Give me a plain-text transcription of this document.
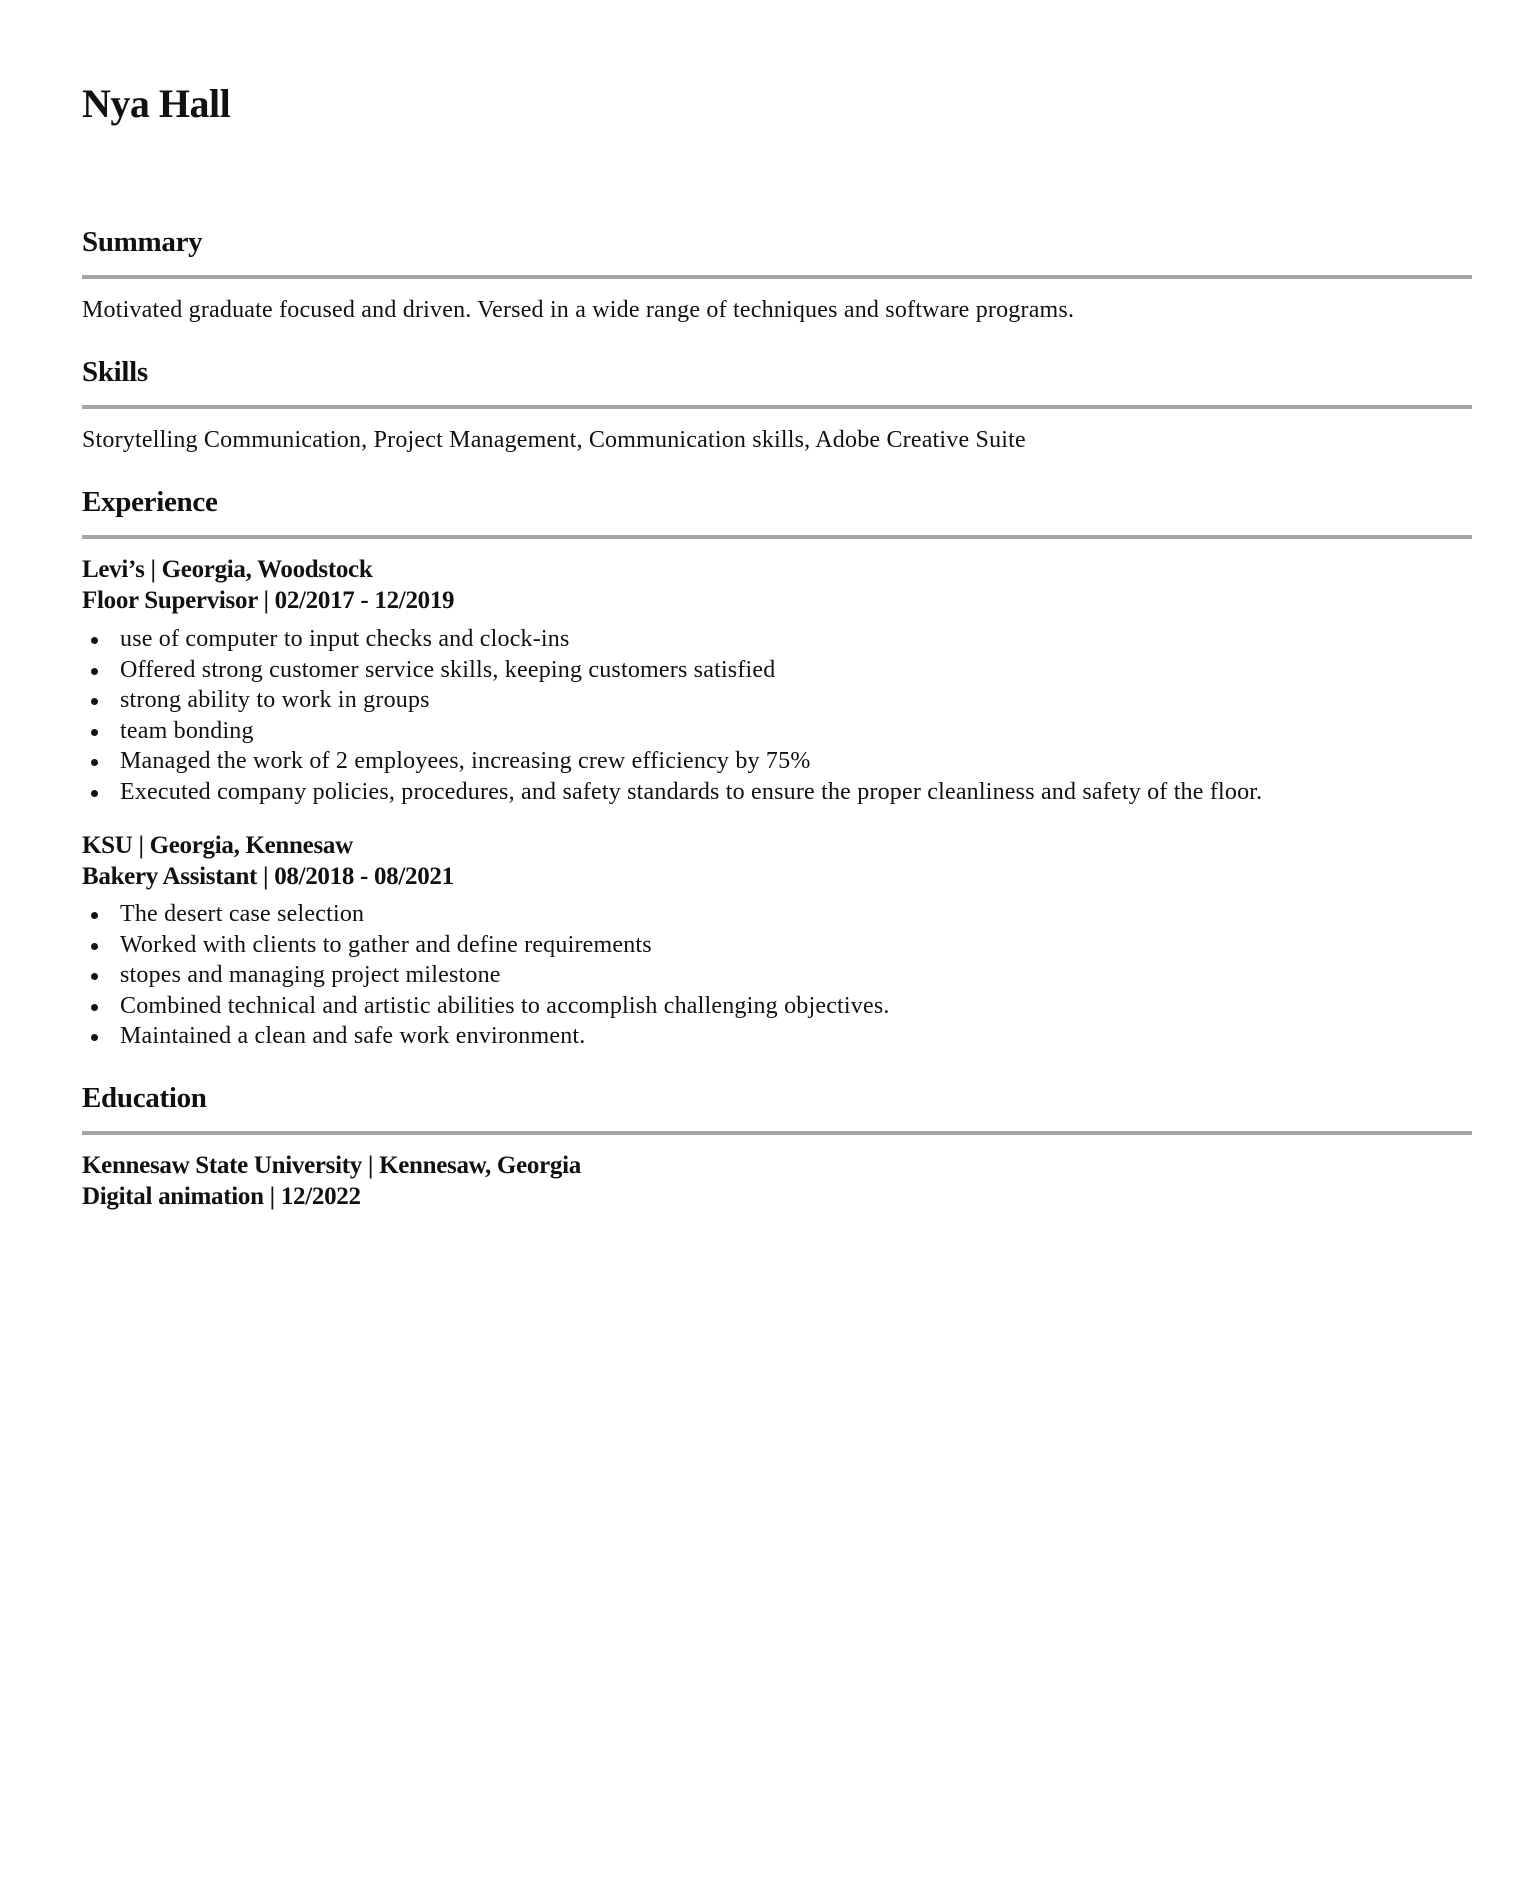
Nya Hall
Summary
Motivated graduate focused and driven. Versed in a wide range of techniques and software programs.
Skills
Storytelling Communication, Project Management, Communication skills, Adobe Creative Suite
Experience
Levi’s | Georgia, Woodstock
Floor Supervisor | 02/2017 - 12/2019
use of computer to input checks and clock-ins
Offered strong customer service skills, keeping customers satisfied
strong ability to work in groups
team bonding
Managed the work of 2 employees, increasing crew efficiency by 75%
Executed company policies, procedures, and safety standards to ensure the proper cleanliness and safety of the floor.
KSU | Georgia, Kennesaw
Bakery Assistant | 08/2018 - 08/2021
The desert case selection
Worked with clients to gather and define requirements
stopes and managing project milestone
Combined technical and artistic abilities to accomplish challenging objectives.
Maintained a clean and safe work environment.
Education
Kennesaw State University | Kennesaw, Georgia
Digital animation | 12/2022
